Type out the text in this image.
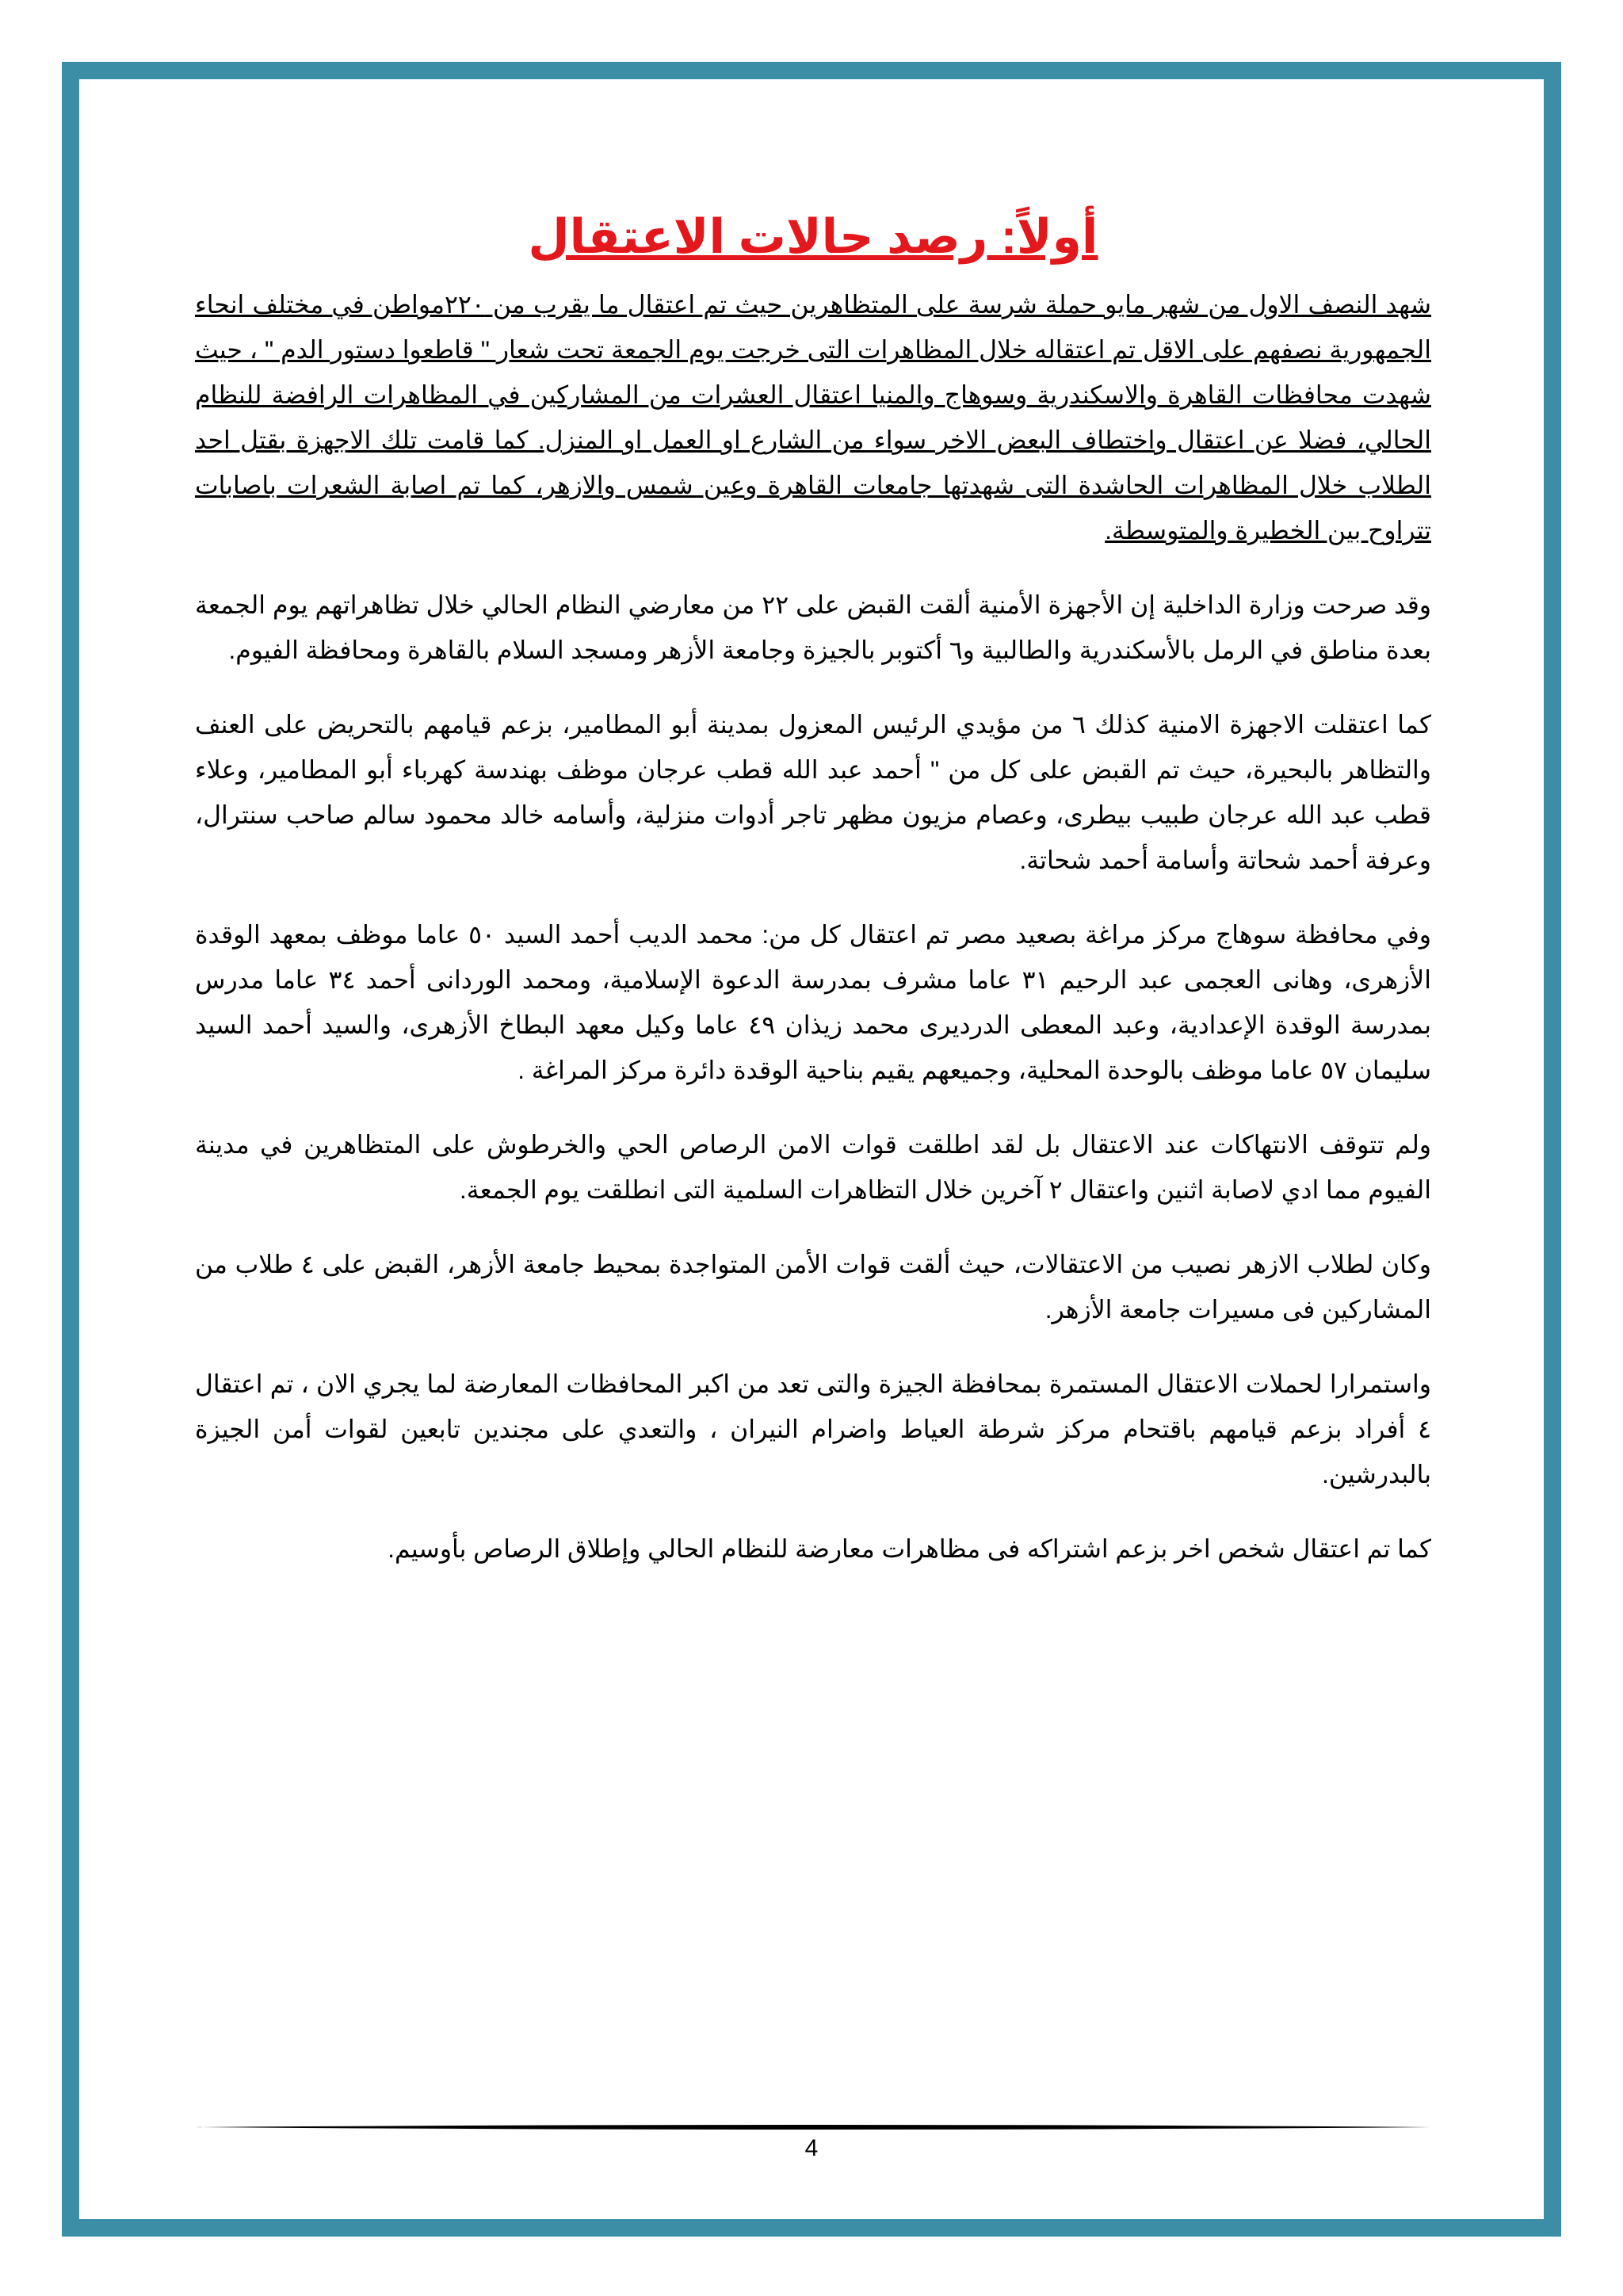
أولاً: رصد حالات الاعتقال

شهد النصف الاول من شهر مايو حملة شرسة على المتظاهرين حيث تم اعتقال ما يقرب من ٢٢٠مواطن في مختلف انحاء الجمهورية نصفهم على الاقل تم اعتقاله خلال المظاهرات التى خرجت يوم الجمعة تحت شعار " قاطعوا دستور الدم " ، حيث شهدت محافظات القاهرة والاسكندرية وسوهاج والمنيا اعتقال العشرات من المشاركين في المظاهرات الرافضة للنظام الحالي، فضلا عن اعتقال واختطاف البعض الاخر سواء من الشارع او العمل او المنزل. كما قامت تلك الاجهزة بقتل احد الطلاب خلال المظاهرات الحاشدة التى شهدتها جامعات القاهرة وعين شمس والازهر، كما تم اصابة الشعرات باصابات تتراوح بين الخطيرة والمتوسطة.

وقد صرحت وزارة الداخلية إن الأجهزة الأمنية ألقت القبض على ٢٢ من معارضي النظام الحالي خلال تظاهراتهم يوم الجمعة بعدة مناطق في الرمل بالأسكندرية والطالبية و٦ أكتوبر بالجيزة وجامعة الأزهر ومسجد السلام بالقاهرة ومحافظة الفيوم.

كما اعتقلت الاجهزة الامنية كذلك ٦ من مؤيدي الرئيس المعزول بمدينة أبو المطامير، بزعم قيامهم بالتحريض على العنف والتظاهر بالبحيرة، حيث تم القبض على كل من " أحمد عبد الله قطب عرجان موظف بهندسة كهرباء أبو المطامير، وعلاء قطب عبد الله عرجان طبيب بيطرى، وعصام مزيون مظهر تاجر أدوات منزلية، وأسامه خالد محمود سالم صاحب سنترال، وعرفة أحمد شحاتة وأسامة أحمد شحاتة.

وفي محافظة سوهاج مركز مراغة بصعيد مصر تم اعتقال كل من: محمد الديب أحمد السيد ٥٠ عاما موظف بمعهد الوقدة الأزهرى، وهانى العجمى عبد الرحيم ٣١ عاما مشرف بمدرسة الدعوة الإسلامية، ومحمد الوردانى أحمد ٣٤ عاما مدرس بمدرسة الوقدة الإعدادية، وعبد المعطى الدرديرى محمد زيذان ٤٩ عاما وكيل معهد البطاخ الأزهرى، والسيد أحمد السيد سليمان ٥٧ عاما موظف بالوحدة المحلية، وجميعهم يقيم بناحية الوقدة دائرة مركز المراغة .

ولم تتوقف الانتهاكات عند الاعتقال بل لقد اطلقت قوات الامن الرصاص الحي والخرطوش على المتظاهرين في مدينة الفيوم مما ادي لاصابة اثنين واعتقال ٢ آخرين خلال التظاهرات السلمية التى انطلقت يوم الجمعة.

وكان لطلاب الازهر نصيب من الاعتقالات، حيث ألقت قوات الأمن المتواجدة بمحيط جامعة الأزهر، القبض على ٤ طلاب من المشاركين فى مسيرات جامعة الأزهر.

واستمرارا لحملات الاعتقال المستمرة بمحافظة الجيزة والتى تعد من اكبر المحافظات المعارضة لما يجري الان ، تم اعتقال ٤ أفراد بزعم قيامهم باقتحام مركز شرطة العياط واضرام النيران ، والتعدي على مجندين تابعين لقوات أمن الجيزة بالبدرشين.

كما تم اعتقال شخص اخر بزعم اشتراكه فى مظاهرات معارضة للنظام الحالي وإطلاق الرصاص بأوسيم.

4
